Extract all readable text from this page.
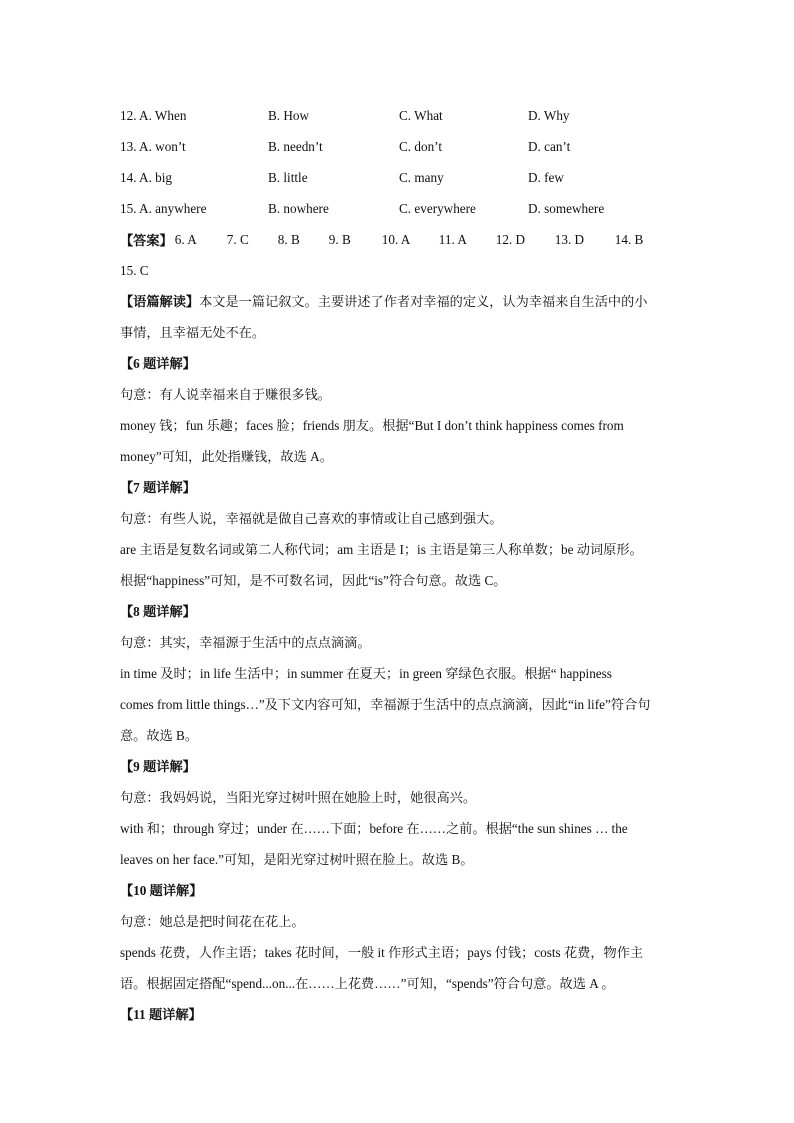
12. A. When	B. How	C. What	D. Why
13. A. won’t	B. needn’t	C. don’t	D. can’t
14. A. big	B. little	C. many	D. few
15. A. anywhere	B. nowhere	C. everywhere	D. somewhere
【答案】 6. A	7. C	8. B	9. B	10. A	11. A	12. D	13. D	14. B
15. C
【语篇解读】本文是一篇记叙文。主要讲述了作者对幸福的定义，认为幸福来自生活中的小
事情，且幸福无处不在。
【6 题详解】
句意：有人说幸福来自于赚很多钱。
money 钱；fun 乐趣；faces 脸；friends 朋友。根据“But I don’t think happiness comes from
money”可知，此处指赚钱，故选 A。
【7 题详解】
句意：有些人说，幸福就是做自己喜欢的事情或让自己感到强大。
are 主语是复数名词或第二人称代词；am 主语是 I；is 主语是第三人称单数；be 动词原形。
根据“happiness”可知，是不可数名词，因此“is”符合句意。故选 C。
【8 题详解】
句意：其实，幸福源于生活中的点点滴滴。
in time 及时；in life 生活中；in summer 在夏天；in green 穿绿色衣服。根据“ happiness
comes from little things…”及下文内容可知，幸福源于生活中的点点滴滴，因此“in life”符合句
意。故选 B。
【9 题详解】
句意：我妈妈说，当阳光穿过树叶照在她脸上时，她很高兴。
with 和；through 穿过；under 在……下面；before 在……之前。根据“the sun shines … the
leaves on her face.”可知，是阳光穿过树叶照在脸上。故选 B。
【10 题详解】
句意：她总是把时间花在花上。
spends 花费，人作主语；takes 花时间，一般 it 作形式主语；pays 付钱；costs 花费，物作主
语。根据固定搭配“spend...on...在……上花费……”可知，“spends”符合句意。故选 A 。
【11 题详解】
